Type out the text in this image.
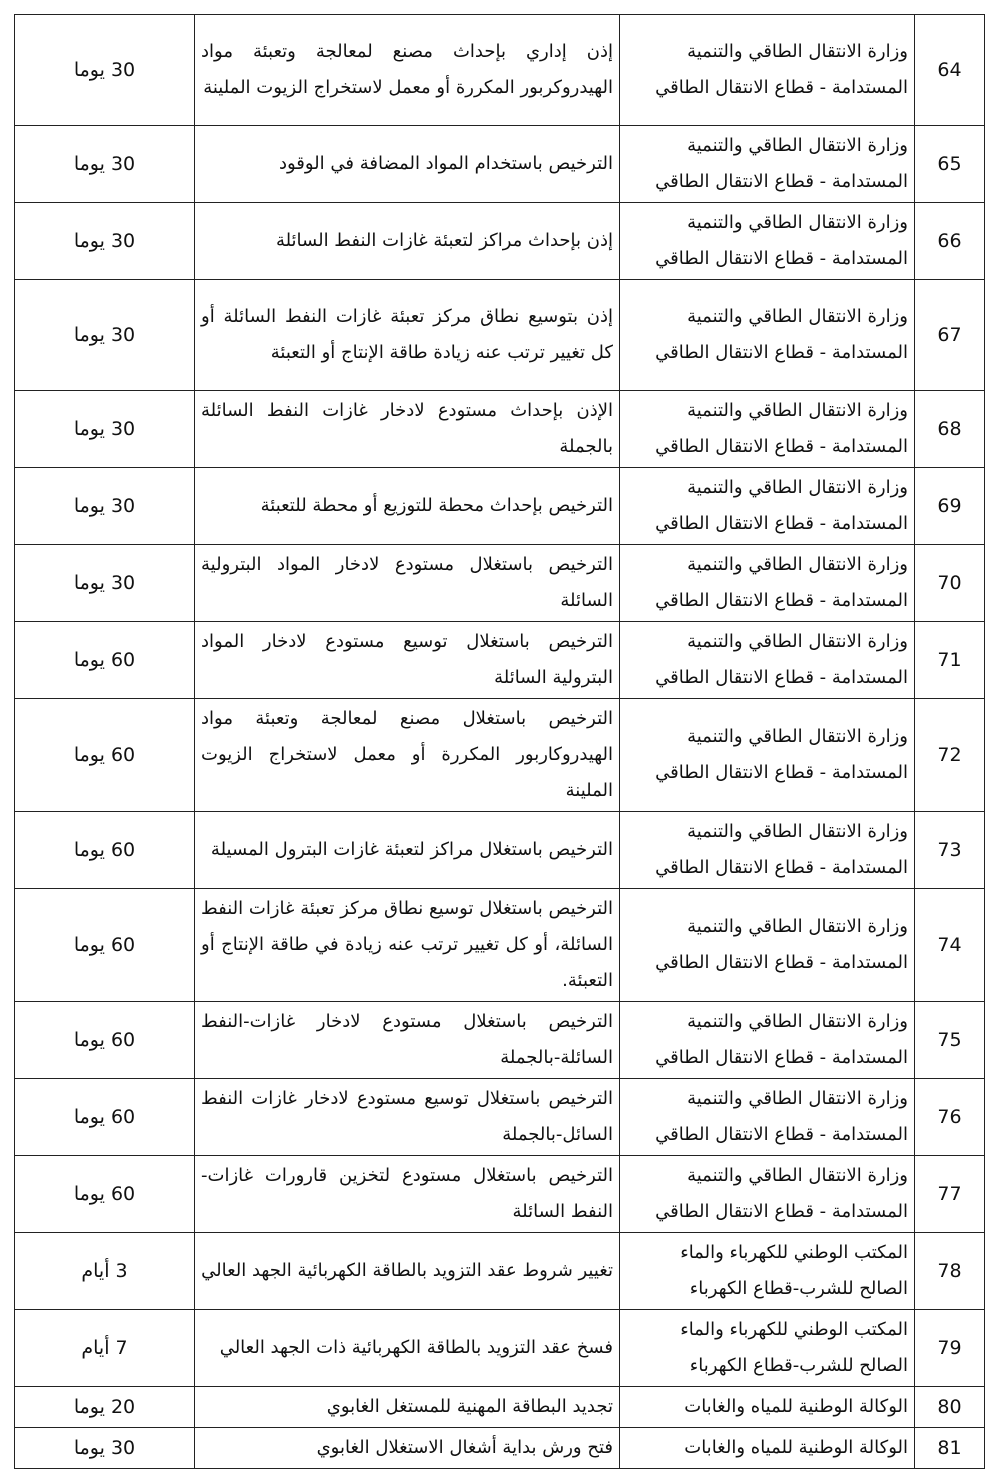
64	وزارة الانتقال الطاقي والتنمية المستدامة - قطاع الانتقال الطاقي	إذن إداري بإحداث مصنع لمعالجة وتعبئة مواد الهيدروكربور المكررة أو معمل لاستخراج الزيوت الملينة	30 يوما
65	وزارة الانتقال الطاقي والتنمية المستدامة - قطاع الانتقال الطاقي	الترخيص باستخدام المواد المضافة في الوقود	30 يوما
66	وزارة الانتقال الطاقي والتنمية المستدامة - قطاع الانتقال الطاقي	إذن بإحداث مراكز لتعبئة غازات النفط السائلة	30 يوما
67	وزارة الانتقال الطاقي والتنمية المستدامة - قطاع الانتقال الطاقي	إذن بتوسيع نطاق مركز تعبئة غازات النفط السائلة أو كل تغيير ترتب عنه زيادة طاقة الإنتاج أو التعبئة	30 يوما
68	وزارة الانتقال الطاقي والتنمية المستدامة - قطاع الانتقال الطاقي	الإذن بإحداث مستودع لادخار غازات النفط السائلة بالجملة	30 يوما
69	وزارة الانتقال الطاقي والتنمية المستدامة - قطاع الانتقال الطاقي	الترخيص بإحداث محطة للتوزيع أو محطة للتعبئة	30 يوما
70	وزارة الانتقال الطاقي والتنمية المستدامة - قطاع الانتقال الطاقي	الترخيص باستغلال مستودع لادخار المواد البترولية السائلة	30 يوما
71	وزارة الانتقال الطاقي والتنمية المستدامة - قطاع الانتقال الطاقي	الترخيص باستغلال توسيع مستودع لادخار المواد البترولية السائلة	60 يوما
72	وزارة الانتقال الطاقي والتنمية المستدامة - قطاع الانتقال الطاقي	الترخيص باستغلال مصنع لمعالجة وتعبئة مواد الهيدروكاربور المكررة أو معمل لاستخراج الزيوت الملينة	60 يوما
73	وزارة الانتقال الطاقي والتنمية المستدامة - قطاع الانتقال الطاقي	الترخيص باستغلال مراكز لتعبئة غازات البترول المسيلة	60 يوما
74	وزارة الانتقال الطاقي والتنمية المستدامة - قطاع الانتقال الطاقي	الترخيص باستغلال توسيع نطاق مركز تعبئة غازات النفط السائلة، أو كل تغيير ترتب عنه زيادة في طاقة الإنتاج أو التعبئة.	60 يوما
75	وزارة الانتقال الطاقي والتنمية المستدامة - قطاع الانتقال الطاقي	الترخيص باستغلال مستودع لادخار غازات-النفط السائلة-بالجملة	60 يوما
76	وزارة الانتقال الطاقي والتنمية المستدامة - قطاع الانتقال الطاقي	الترخيص باستغلال توسيع مستودع لادخار غازات النفط السائل-بالجملة	60 يوما
77	وزارة الانتقال الطاقي والتنمية المستدامة - قطاع الانتقال الطاقي	الترخيص باستغلال مستودع لتخزين قارورات غازات-النفط السائلة	60 يوما
78	المكتب الوطني للكهرباء والماء الصالح للشرب-قطاع الكهرباء	تغيير شروط عقد التزويد بالطاقة الكهربائية الجهد العالي	3 أيام
79	المكتب الوطني للكهرباء والماء الصالح للشرب-قطاع الكهرباء	فسخ عقد التزويد بالطاقة الكهربائية ذات الجهد العالي	7 أيام
80	الوكالة الوطنية للمياه والغابات	تجديد البطاقة المهنية للمستغل الغابوي	20 يوما
81	الوكالة الوطنية للمياه والغابات	فتح ورش بداية أشغال الاستغلال الغابوي	30 يوما
